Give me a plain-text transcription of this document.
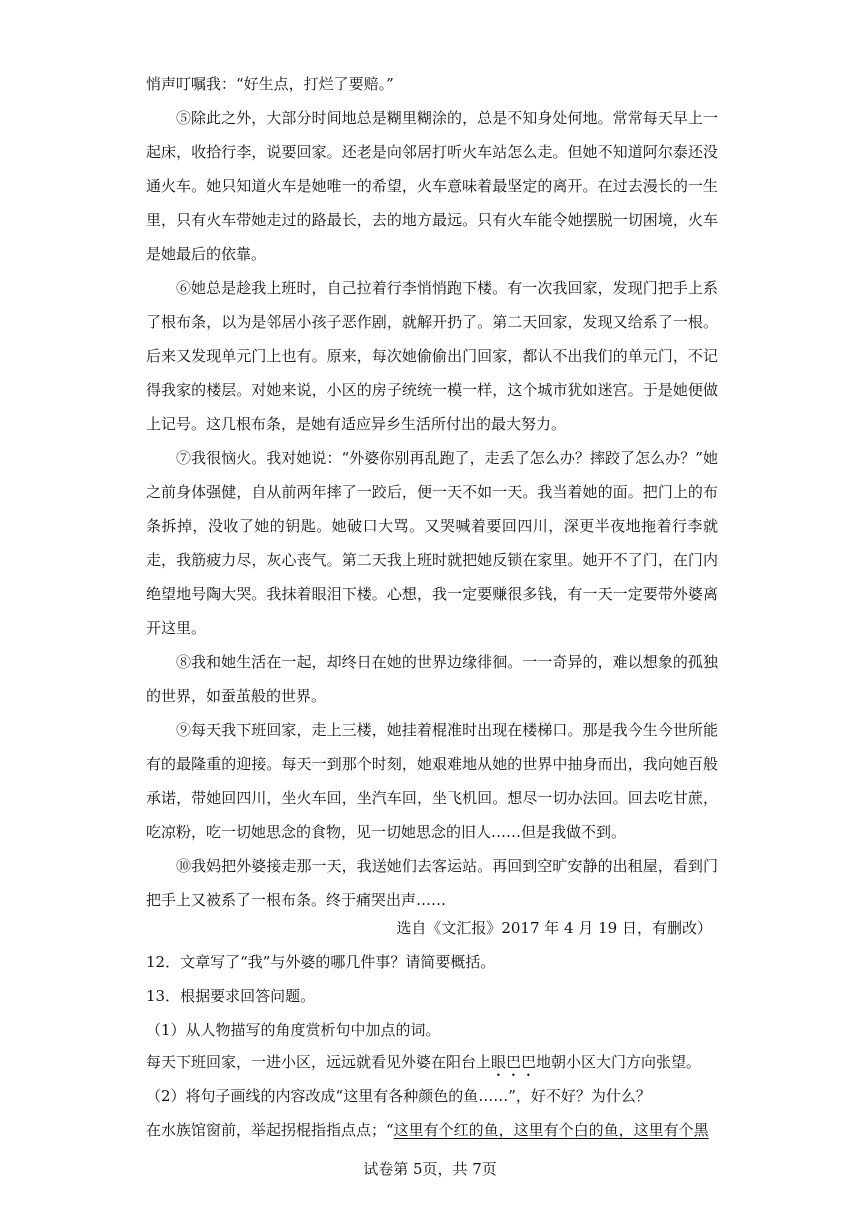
悄声叮嘱我：“好生点，打烂了要赔。”

⑤除此之外，大部分时间地总是糊里糊涂的，总是不知身处何地。常常每天早上一起床，收拾行李，说要回家。还老是向邻居打听火车站怎么走。但她不知道阿尔泰还没通火车。她只知道火车是她唯一的希望，火车意味着最坚定的离开。在过去漫长的一生里，只有火车带她走过的路最长，去的地方最远。只有火车能令她摆脱一切困境，火车是她最后的依靠。

⑥她总是趁我上班时，自己拉着行李悄悄跑下楼。有一次我回家，发现门把手上系了根布条，以为是邻居小孩子恶作剧，就解开扔了。第二天回家，发现又给系了一根。后来又发现单元门上也有。原来，每次她偷偷出门回家，都认不出我们的单元门，不记得我家的楼层。对她来说，小区的房子统统一模一样，这个城市犹如迷宫。于是她便做上记号。这几根布条，是她有适应异乡生活所付出的最大努力。

⑦我很恼火。我对她说：“外婆你别再乱跑了，走丢了怎么办？摔跤了怎么办？”她之前身体强健，自从前两年摔了一跤后，便一天不如一天。我当着她的面。把门上的布条拆掉，没收了她的钥匙。她破口大骂。又哭喊着要回四川，深更半夜地拖着行李就走，我筋疲力尽，灰心丧气。第二天我上班时就把她反锁在家里。她开不了门，在门内绝望地号陶大哭。我抹着眼泪下楼。心想，我一定要赚很多钱，有一天一定要带外婆离开这里。

⑧我和她生活在一起，却终日在她的世界边缘徘徊。一一奇异的，难以想象的孤独的世界，如蚕茧般的世界。

⑨每天我下班回家，走上三楼，她挂着棍准时出现在楼梯口。那是我今生今世所能有的最隆重的迎接。每天一到那个时刻，她艰难地从她的世界中抽身而出，我向她百般承诺，带她回四川，坐火车回，坐汽车回，坐飞机回。想尽一切办法回。回去吃甘蔗，吃凉粉，吃一切她思念的食物，见一切她思念的旧人……但是我做不到。

⑩我妈把外婆接走那一天，我送她们去客运站。再回到空旷安静的出租屋，看到门把手上又被系了一根布条。终于痛哭出声……

选自《文汇报》2017 年 4 月 19 日，有删改）
12．文章写了“我”与外婆的哪几件事？请简要概括。
13．根据要求回答问题。
（1）从人物描写的角度赏析句中加点的词。
每天下班回家，一进小区，远远就看见外婆在阳台上眼巴巴地朝小区大门方向张望。
（2）将句子画线的内容改成“这里有各种颜色的鱼……”，好不好？为什么？
在水族馆窗前，举起拐棍指指点点；“这里有个红的鱼，这里有个白的鱼，这里有个黑
试卷第 5页，共 7页
